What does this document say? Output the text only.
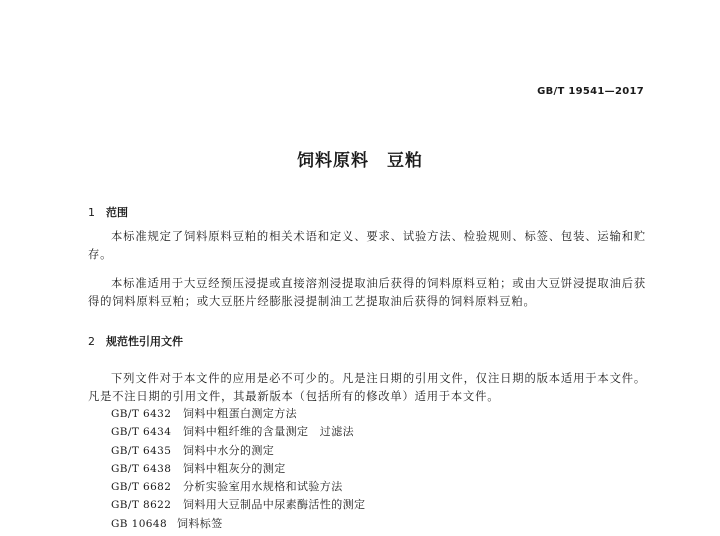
GB/T 19541—2017
饲料原料　豆粕
1 范围

本标准规定了饲料原料豆粕的相关术语和定义、要求、试验方法、检验规则、标签、包装、运输和贮存。

本标准适用于大豆经预压浸提或直接溶剂浸提取油后获得的饲料原料豆粕；或由大豆饼浸提取油后获得的饲料原料豆粕；或大豆胚片经膨胀浸提制油工艺提取油后获得的饲料原料豆粕。

2 规范性引用文件

下列文件对于本文件的应用是必不可少的。凡是注日期的引用文件，仅注日期的版本适用于本文件。凡是不注日期的引用文件，其最新版本（包括所有的修改单）适用于本文件。

GB/T 6432 饲料中粗蛋白测定方法
GB/T 6434 饲料中粗纤维的含量测定　过滤法
GB/T 6435 饲料中水分的测定
GB/T 6438 饲料中粗灰分的测定
GB/T 6682 分析实验室用水规格和试验方法
GB/T 8622 饲料用大豆制品中尿素酶活性的测定
GB 10648 饲料标签
